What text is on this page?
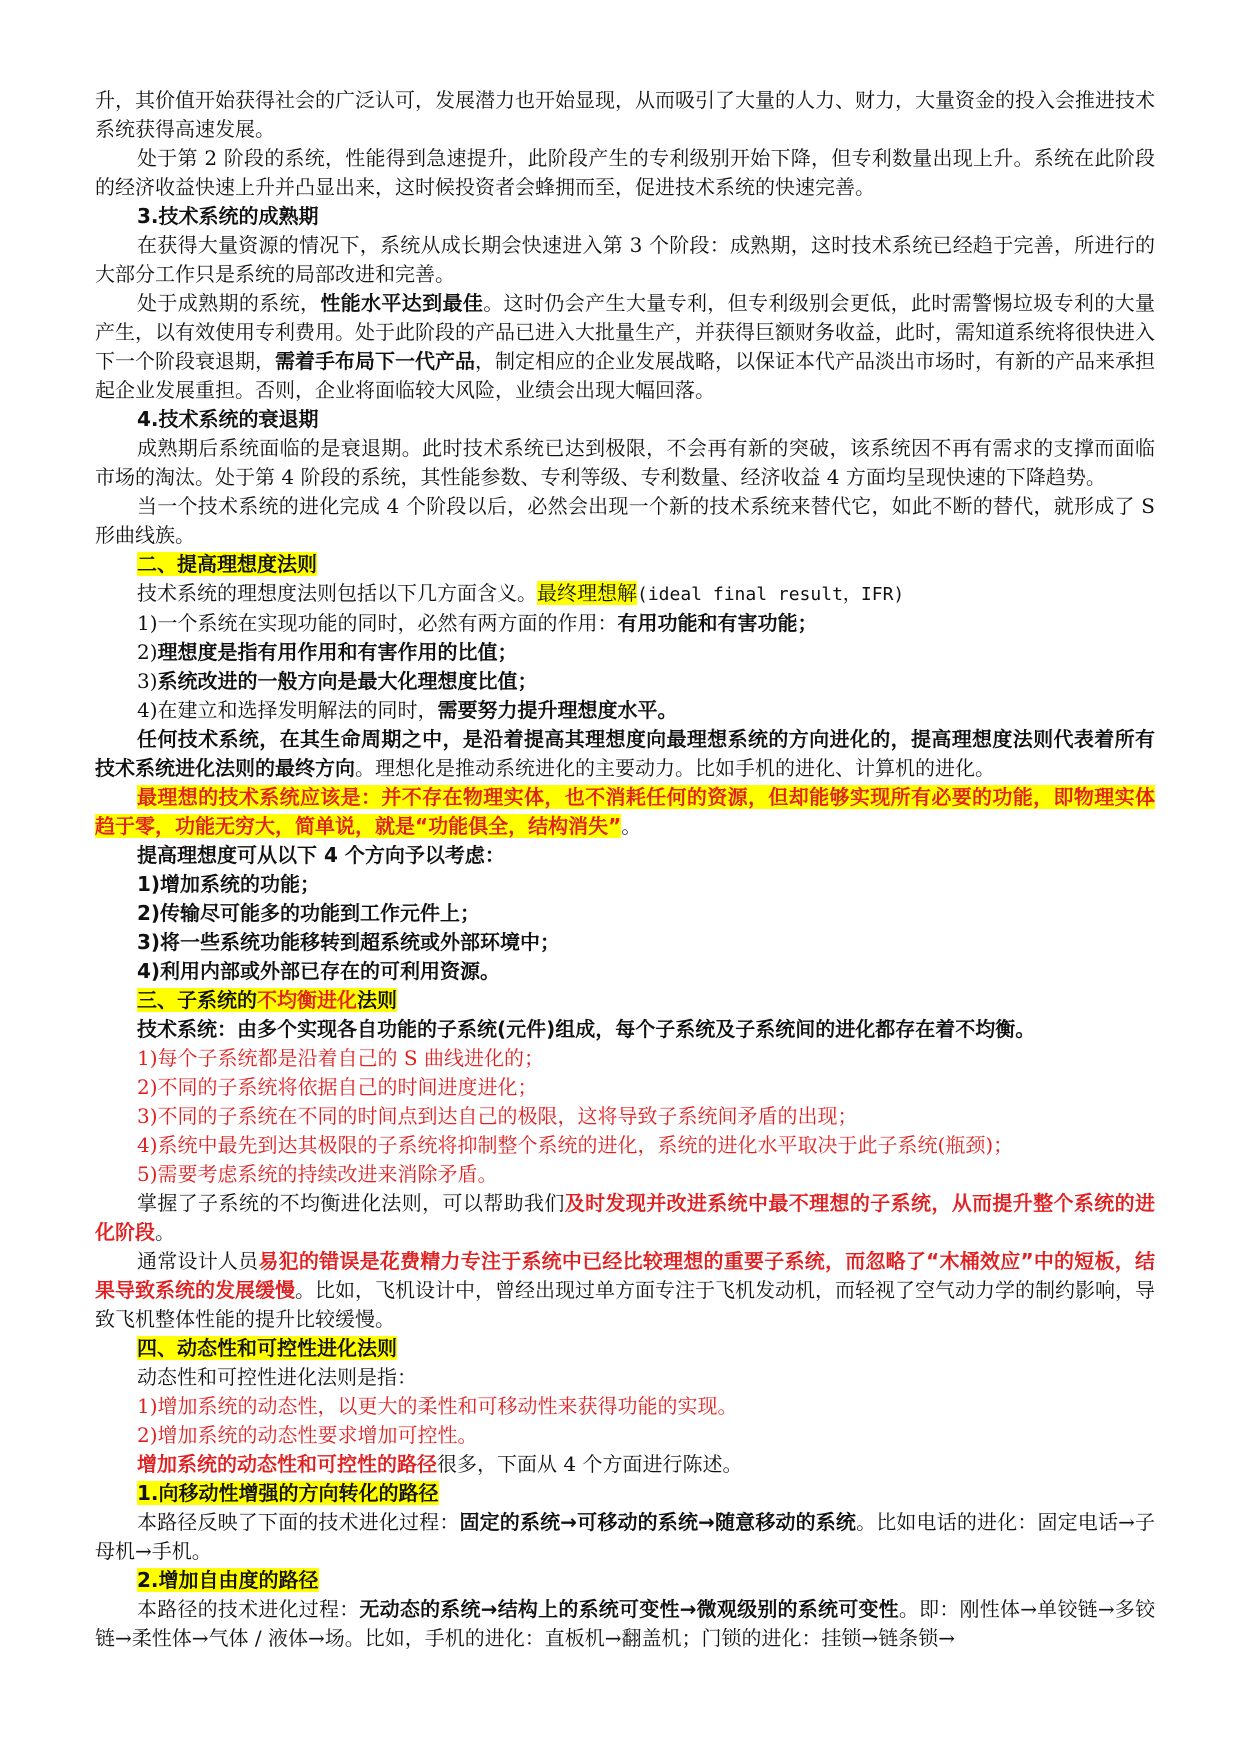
升，其价值开始获得社会的广泛认可，发展潜力也开始显现，从而吸引了大量的人力、财力，大量资金的投入会推进技术系统获得高速发展。

处于第 2 阶段的系统，性能得到急速提升，此阶段产生的专利级别开始下降，但专利数量出现上升。系统在此阶段的经济收益快速上升并凸显出来，这时候投资者会蜂拥而至，促进技术系统的快速完善。

3.技术系统的成熟期

在获得大量资源的情况下，系统从成长期会快速进入第 3 个阶段：成熟期，这时技术系统已经趋于完善，所进行的大部分工作只是系统的局部改进和完善。

处于成熟期的系统，性能水平达到最佳。这时仍会产生大量专利，但专利级别会更低，此时需警惕垃圾专利的大量产生，以有效使用专利费用。处于此阶段的产品已进入大批量生产，并获得巨额财务收益，此时，需知道系统将很快进入下一个阶段衰退期，需着手布局下一代产品，制定相应的企业发展战略，以保证本代产品淡出市场时，有新的产品来承担起企业发展重担。否则，企业将面临较大风险，业绩会出现大幅回落。

4.技术系统的衰退期

成熟期后系统面临的是衰退期。此时技术系统已达到极限，不会再有新的突破，该系统因不再有需求的支撑而面临市场的淘汰。处于第 4 阶段的系统，其性能参数、专利等级、专利数量、经济收益 4 方面均呈现快速的下降趋势。

当一个技术系统的进化完成 4 个阶段以后，必然会出现一个新的技术系统来替代它，如此不断的替代，就形成了 S 形曲线族。

二、提高理想度法则

技术系统的理想度法则包括以下几方面含义。最终理想解(ideal final result，IFR)

1)一个系统在实现功能的同时，必然有两方面的作用：有用功能和有害功能；

2)理想度是指有用作用和有害作用的比值；

3)系统改进的一般方向是最大化理想度比值；

4)在建立和选择发明解法的同时，需要努力提升理想度水平。

任何技术系统，在其生命周期之中，是沿着提高其理想度向最理想系统的方向进化的，提高理想度法则代表着所有技术系统进化法则的最终方向。理想化是推动系统进化的主要动力。比如手机的进化、计算机的进化。

最理想的技术系统应该是：并不存在物理实体，也不消耗任何的资源，但却能够实现所有必要的功能，即物理实体趋于零，功能无穷大，简单说，就是“功能俱全，结构消失”。

提高理想度可从以下 4 个方向予以考虑：

1)增加系统的功能；

2)传输尽可能多的功能到工作元件上；

3)将一些系统功能移转到超系统或外部环境中；

4)利用内部或外部已存在的可利用资源。

三、子系统的不均衡进化法则

技术系统：由多个实现各自功能的子系统(元件)组成，每个子系统及子系统间的进化都存在着不均衡。

1)每个子系统都是沿着自己的 S 曲线进化的；

2)不同的子系统将依据自己的时间进度进化；

3)不同的子系统在不同的时间点到达自己的极限，这将导致子系统间矛盾的出现；

4)系统中最先到达其极限的子系统将抑制整个系统的进化，系统的进化水平取决于此子系统(瓶颈)；

5)需要考虑系统的持续改进来消除矛盾。

掌握了子系统的不均衡进化法则，可以帮助我们及时发现并改进系统中最不理想的子系统，从而提升整个系统的进化阶段。

通常设计人员易犯的错误是花费精力专注于系统中已经比较理想的重要子系统，而忽略了“木桶效应”中的短板，结果导致系统的发展缓慢。比如，飞机设计中，曾经出现过单方面专注于飞机发动机，而轻视了空气动力学的制约影响，导致飞机整体性能的提升比较缓慢。

四、动态性和可控性进化法则

动态性和可控性进化法则是指：

1)增加系统的动态性，以更大的柔性和可移动性来获得功能的实现。

2)增加系统的动态性要求增加可控性。

增加系统的动态性和可控性的路径很多，下面从 4 个方面进行陈述。

1.向移动性增强的方向转化的路径

本路径反映了下面的技术进化过程：固定的系统→可移动的系统→随意移动的系统。比如电话的进化：固定电话→子母机→手机。

2.增加自由度的路径

本路径的技术进化过程：无动态的系统→结构上的系统可变性→微观级别的系统可变性。即：刚性体→单铰链→多铰链→柔性体→气体 / 液体→场。比如，手机的进化：直板机→翻盖机；门锁的进化：挂锁→链条锁→
